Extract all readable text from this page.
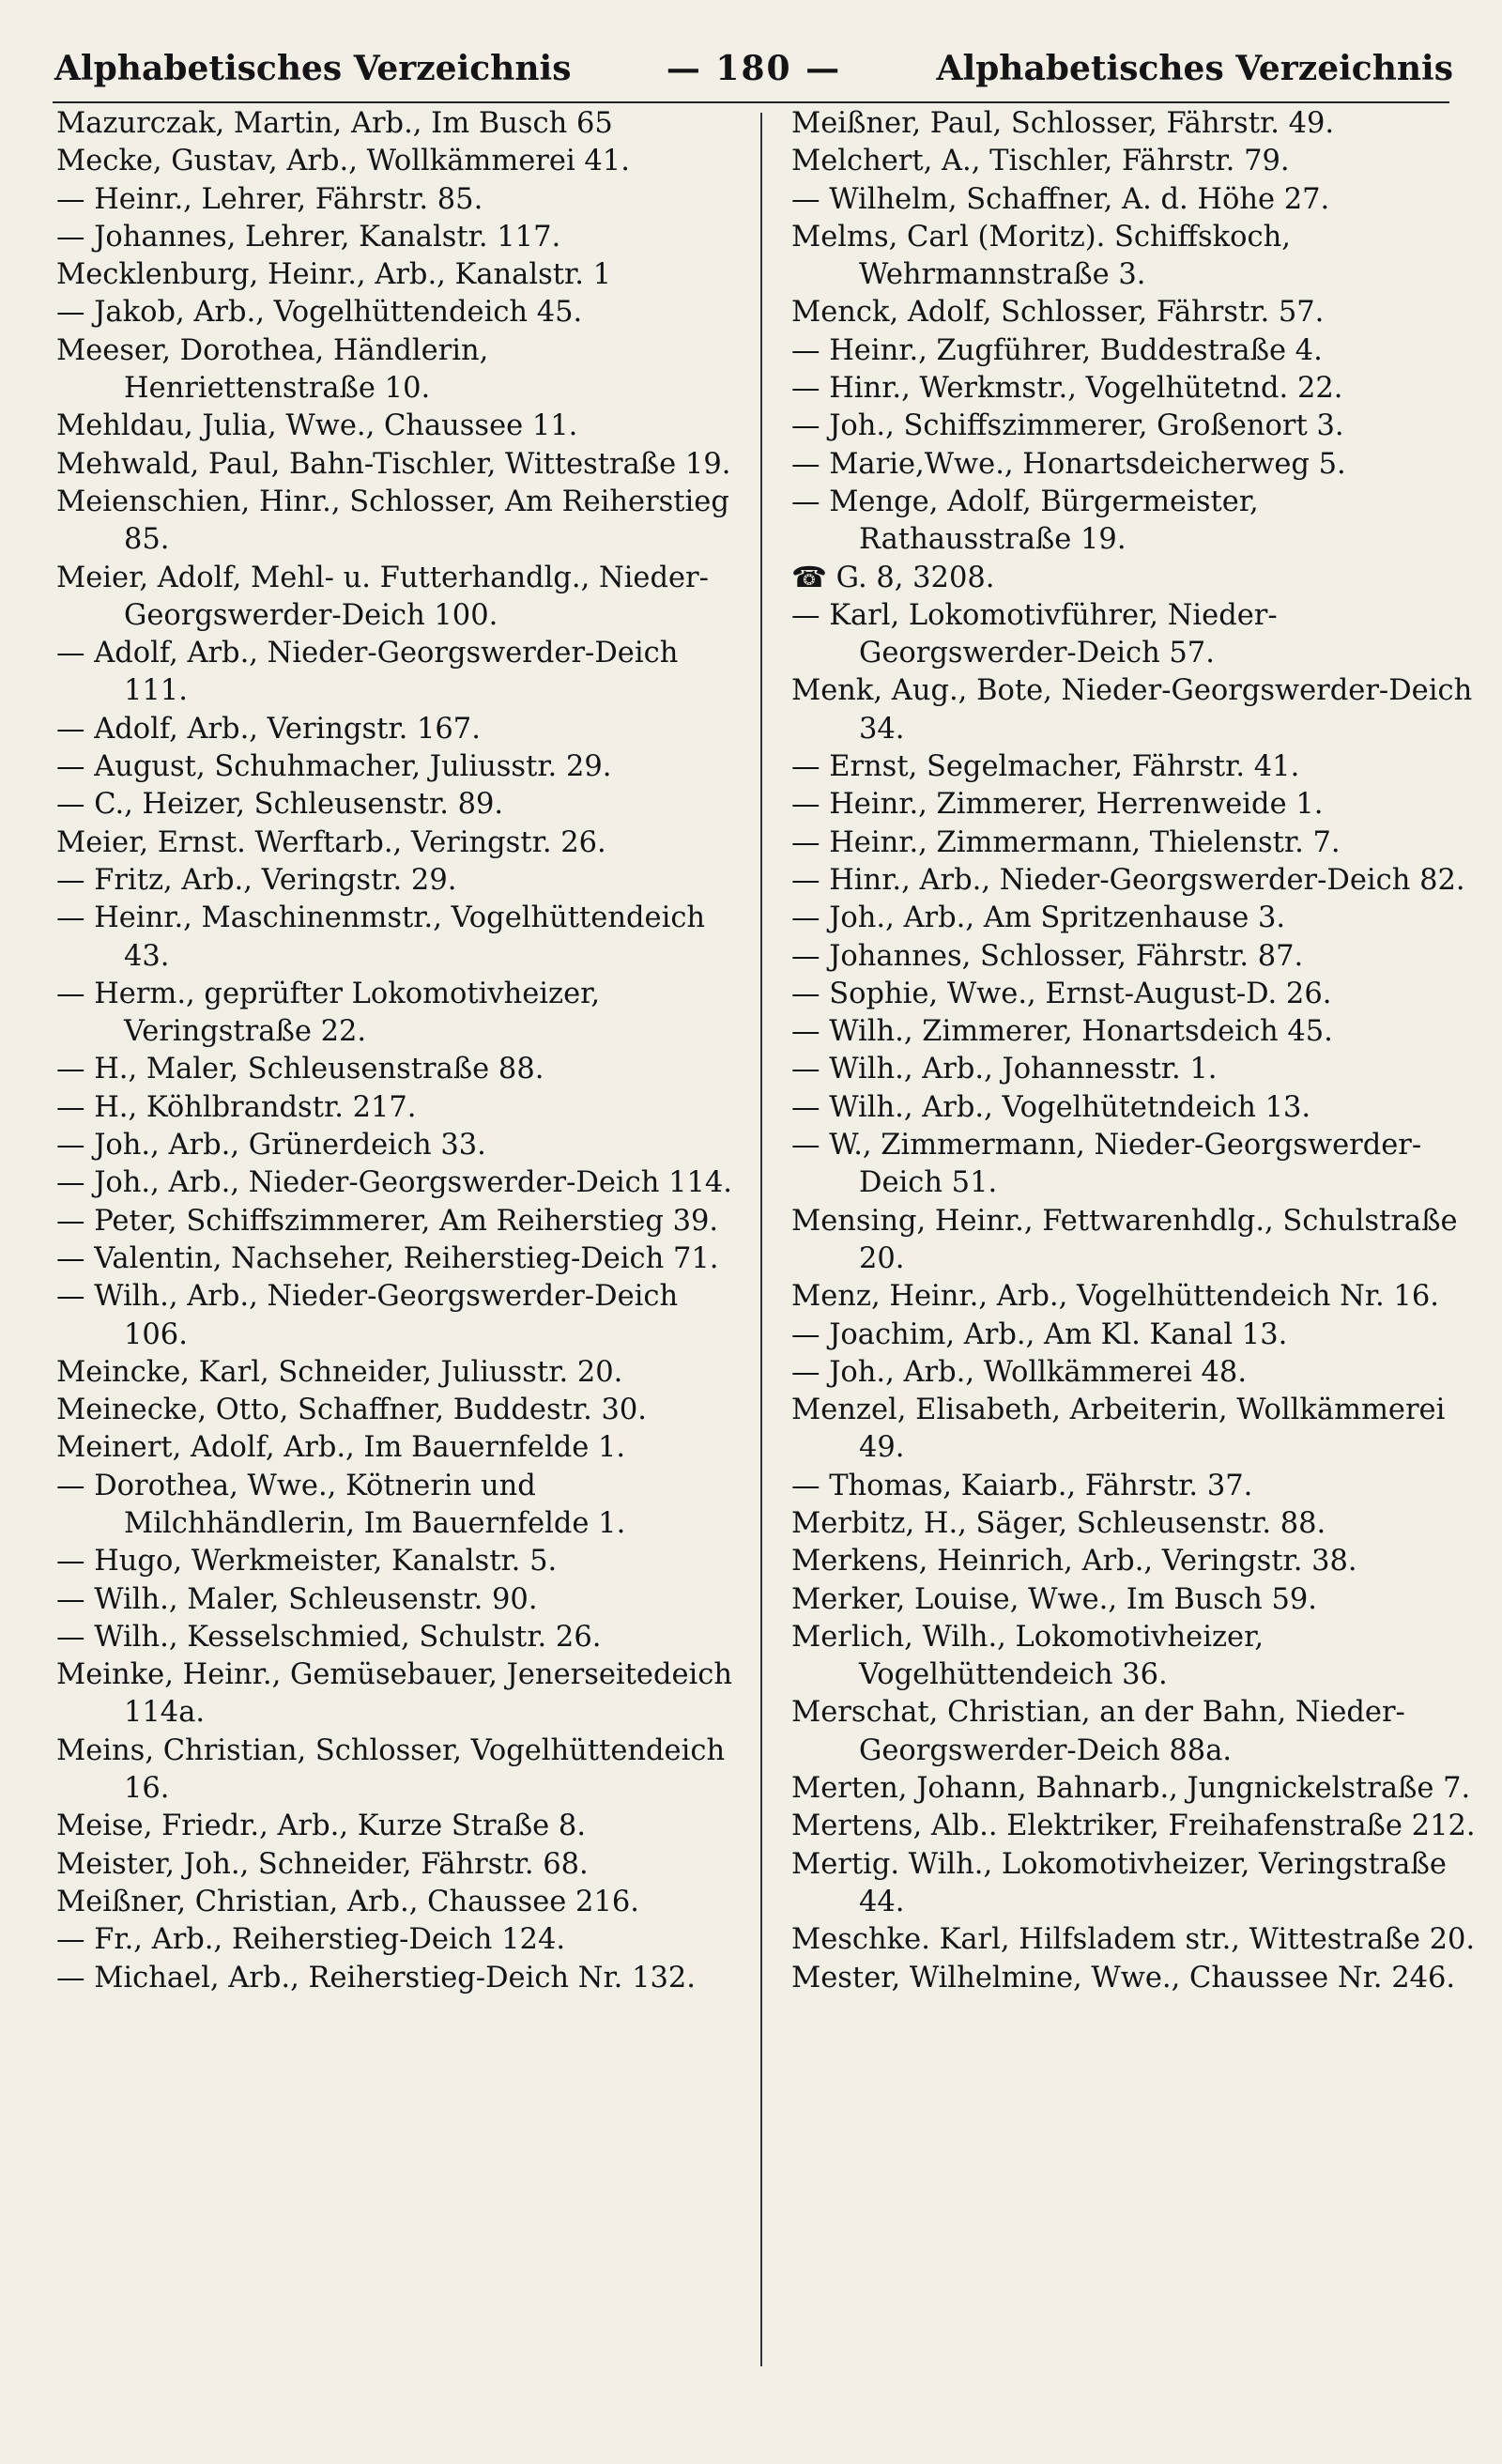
Alphabetisches Verzeichnis	— 180 —	Alphabetisches Verzeichnis

Mazurczak, Martin, Arb., Im Busch 65

Mecke, Gustav, Arb., Wollkämmerei 41.

— Heinr., Lehrer, Fährstr. 85.

— Johannes, Lehrer, Kanalstr. 117.

Mecklenburg, Heinr., Arb., Kanalstr. 1

— Jakob, Arb., Vogelhüttendeich 45.

Meeser, Dorothea, Händlerin, Henriettenstraße 10.

Mehldau, Julia, Wwe., Chaussee 11.

Mehwald, Paul, Bahn-Tischler, Wittestraße 19.

Meienschien, Hinr., Schlosser, Am Reiherstieg 85.

Meier, Adolf, Mehl- u. Futterhandlg., Nieder-Georgswerder-Deich 100.

— Adolf, Arb., Nieder-Georgswerder-Deich 111.

— Adolf, Arb., Veringstr. 167.

— August, Schuhmacher, Juliusstr. 29.

— C., Heizer, Schleusenstr. 89.

Meier, Ernst. Werftarb., Veringstr. 26.

— Fritz, Arb., Veringstr. 29.

— Heinr., Maschinenmstr., Vogelhüttendeich 43.

— Herm., geprüfter Lokomotivheizer, Veringstraße 22.

— H., Maler, Schleusenstraße 88.

— H., Köhlbrandstr. 217.

— Joh., Arb., Grünerdeich 33.

— Joh., Arb., Nieder-Georgswerder-Deich 114.

— Peter, Schiffszimmerer, Am Reiherstieg 39.

— Valentin, Nachseher, Reiherstieg-Deich 71.

— Wilh., Arb., Nieder-Georgswerder-Deich 106.

Meincke, Karl, Schneider, Juliusstr. 20.

Meinecke, Otto, Schaffner, Buddestr. 30.

Meinert, Adolf, Arb., Im Bauernfelde 1.

— Dorothea, Wwe., Kötnerin und Milchhändlerin, Im Bauernfelde 1.

— Hugo, Werkmeister, Kanalstr. 5.

— Wilh., Maler, Schleusenstr. 90.

— Wilh., Kesselschmied, Schulstr. 26.

Meinke, Heinr., Gemüsebauer, Jenerseitedeich 114a.

Meins, Christian, Schlosser, Vogelhüttendeich 16.

Meise, Friedr., Arb., Kurze Straße 8.

Meister, Joh., Schneider, Fährstr. 68.

Meißner, Christian, Arb., Chaussee 216.

— Fr., Arb., Reiherstieg-Deich 124.

— Michael, Arb., Reiherstieg-Deich Nr. 132.

Meißner, Paul, Schlosser, Fährstr. 49.

Melchert, A., Tischler, Fährstr. 79.

— Wilhelm, Schaffner, A. d. Höhe 27.

Melms, Carl (Moritz). Schiffskoch, Wehrmannstraße 3.

Menck, Adolf, Schlosser, Fährstr. 57.

— Heinr., Zugführer, Buddestraße 4.

— Hinr., Werkmstr., Vogelhütetnd. 22.

— Joh., Schiffszimmerer, Großenort 3.

— Marie,Wwe., Honartsdeicherweg 5.

— Menge, Adolf, Bürgermeister, Rathausstraße 19.

☎ G. 8, 3208.

— Karl, Lokomotivführer, Nieder-Georgswerder-Deich 57.

Menk, Aug., Bote, Nieder-Georgswerder-Deich 34.

— Ernst, Segelmacher, Fährstr. 41.

— Heinr., Zimmerer, Herrenweide 1.

— Heinr., Zimmermann, Thielenstr. 7.

— Hinr., Arb., Nieder-Georgswerder-Deich 82.

— Joh., Arb., Am Spritzenhause 3.

— Johannes, Schlosser, Fährstr. 87.

— Sophie, Wwe., Ernst-August-D. 26.

— Wilh., Zimmerer, Honartsdeich 45.

— Wilh., Arb., Johannesstr. 1.

— Wilh., Arb., Vogelhütetndeich 13.

— W., Zimmermann, Nieder-Georgswerder-Deich 51.

Mensing, Heinr., Fettwarenhdlg., Schulstraße 20.

Menz, Heinr., Arb., Vogelhüttendeich Nr. 16.

— Joachim, Arb., Am Kl. Kanal 13.

— Joh., Arb., Wollkämmerei 48.

Menzel, Elisabeth, Arbeiterin, Wollkämmerei 49.

— Thomas, Kaiarb., Fährstr. 37.

Merbitz, H., Säger, Schleusenstr. 88.

Merkens, Heinrich, Arb., Veringstr. 38.

Merker, Louise, Wwe., Im Busch 59.

Merlich, Wilh., Lokomotivheizer, Vogelhüttendeich 36.

Merschat, Christian, an der Bahn, Nieder-Georgswerder-Deich 88a.

Merten, Johann, Bahnarb., Jungnickelstraße 7.

Mertens, Alb.. Elektriker, Freihafenstraße 212.

Mertig. Wilh., Lokomotivheizer, Veringstraße 44.

Meschke. Karl, Hilfsladem str., Wittestraße 20.

Mester, Wilhelmine, Wwe., Chaussee Nr. 246.
